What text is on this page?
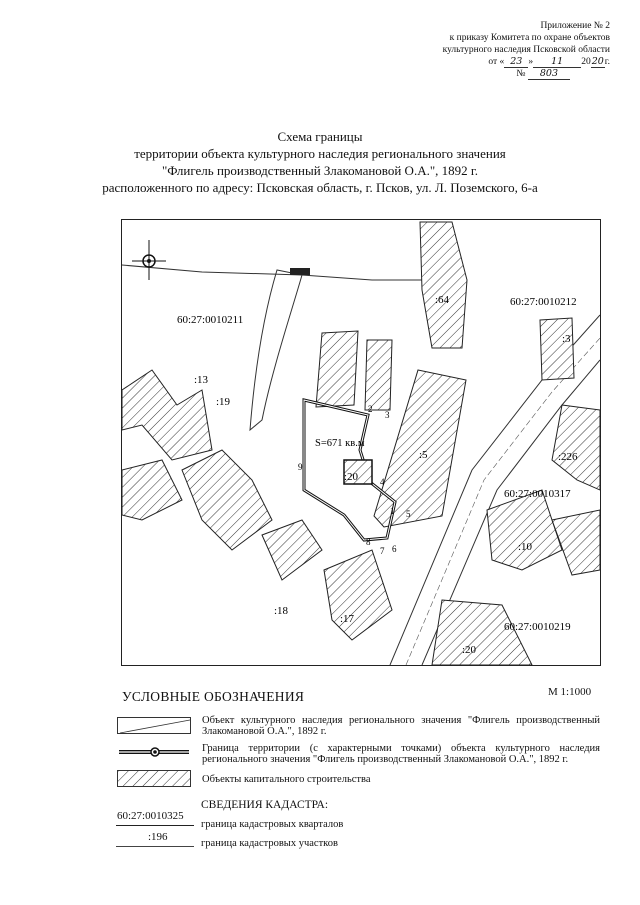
Приложение № 2
к приказу Комитета по охране объектов
культурного наследия Псковской области
от « 23 » 11 2020г.
№ 803
Схема границы
территории объекта культурного наследия регионального значения
"Флигель производственный Злакомановой О.А.", 1892 г.
расположенного по адресу: Псковская область, г. Псков, ул. Л. Поземского, 6-а
60:27:0010211
60:27:0010212
60:27:0010317
60:27:0010219
:13
:19
:64
:3
:5
:20
:226
:10
:18
:17
:20
S=671 кв.м
1
2
3
4
5
6
7
8
9
УСЛОВНЫЕ ОБОЗНАЧЕНИЯ	М 1:1000
Объект культурного наследия регионального значения "Флигель производственный Злакомановой О.А.", 1892 г.
Граница территории (с характерными точками) объекта культурного наследия регионального значения "Флигель производственный Злакомановой О.А.", 1892 г.
Объекты капитального строительства
СВЕДЕНИЯ КАДАСТРА:
60:27:0010325
граница кадастровых кварталов
:196
граница кадастровых участков
